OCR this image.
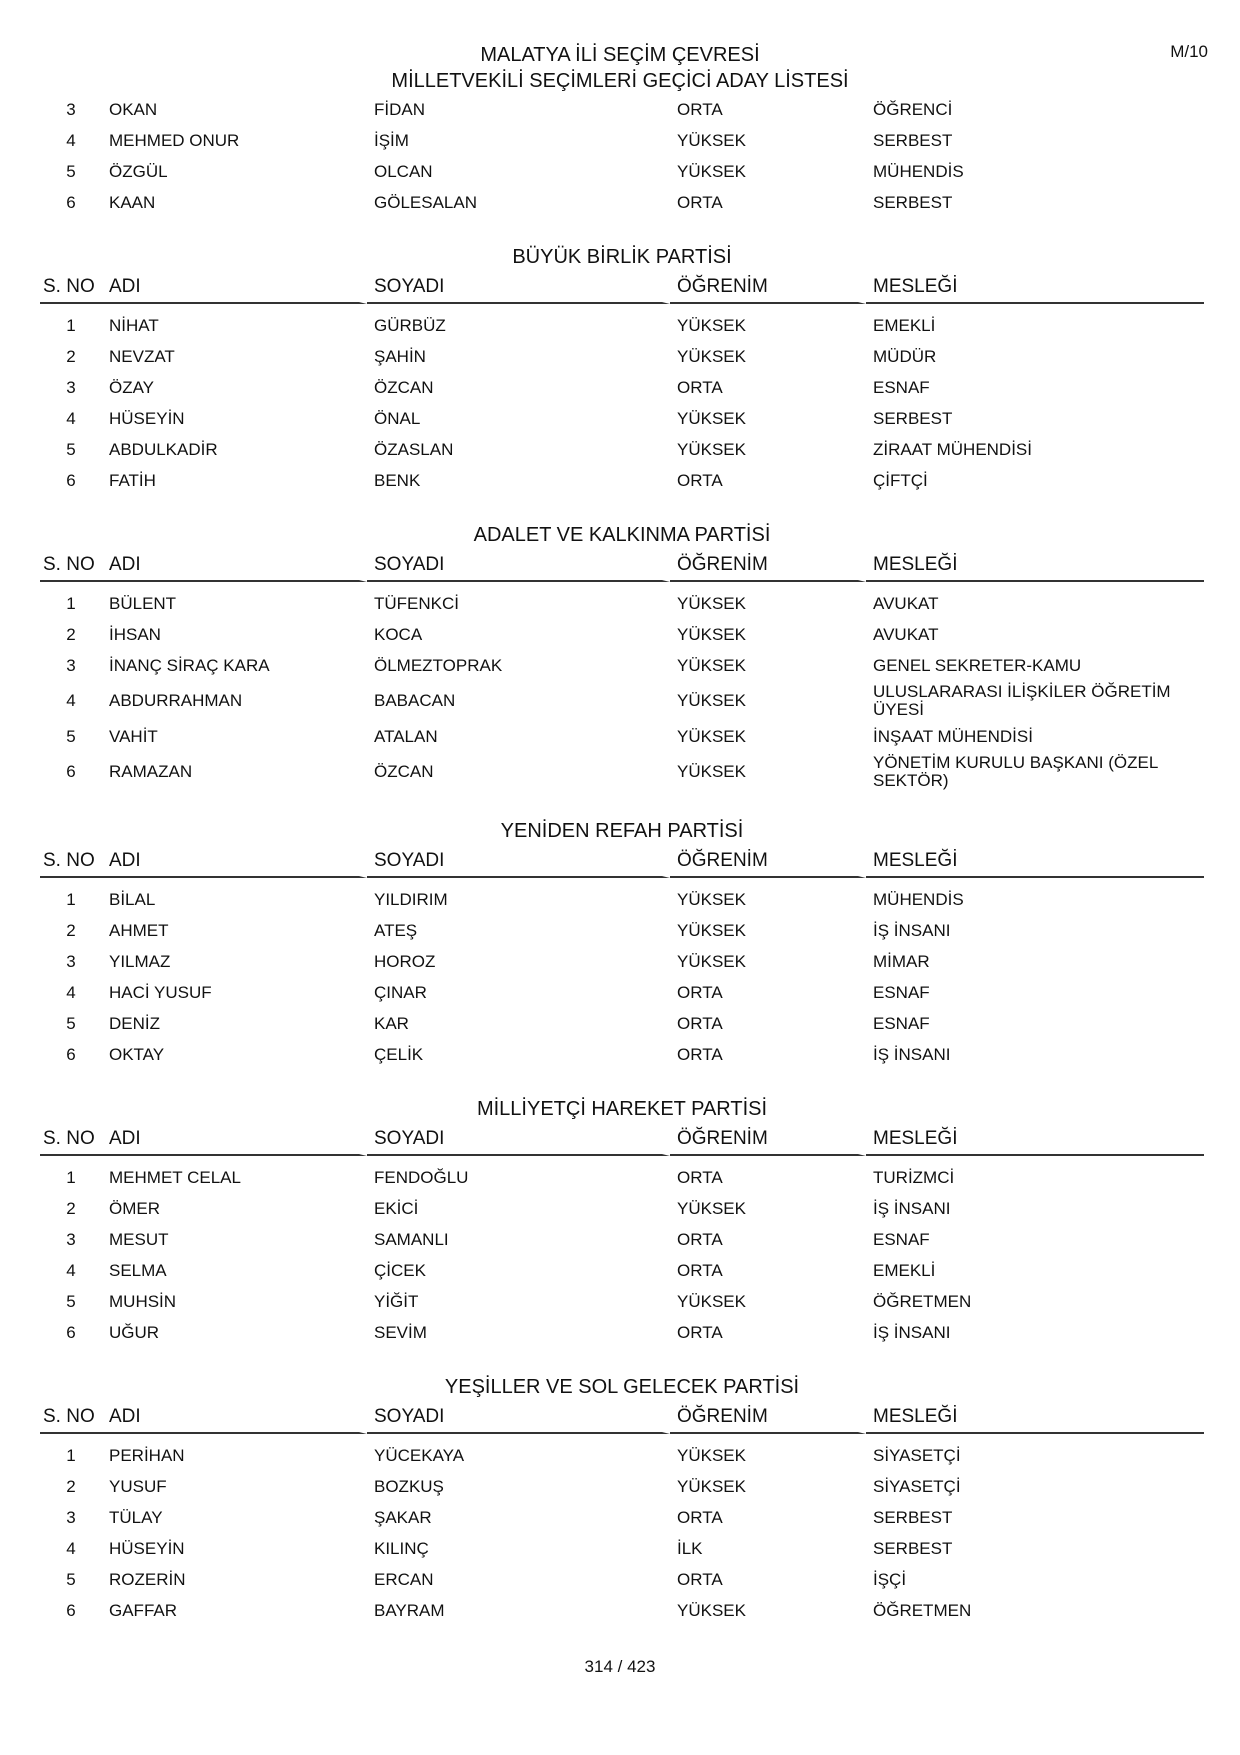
M/10
MALATYA İLİ SEÇİM ÇEVRESİ
MİLLETVEKİLİ SEÇİMLERİ GEÇİCİ ADAY LİSTESİ
3	OKAN	FİDAN	ORTA	ÖĞRENCİ

4	MEHMED ONUR	İŞİM	YÜKSEK	SERBEST

5	ÖZGÜL	OLCAN	YÜKSEK	MÜHENDİS

6	KAAN	GÖLESALAN	ORTA	SERBEST
BÜYÜK BİRLİK PARTİSİ
S. NO	ADI	SOYADI	ÖĞRENİM	MESLEĞİ

1	NİHAT	GÜRBÜZ	YÜKSEK	EMEKLİ

2	NEVZAT	ŞAHİN	YÜKSEK	MÜDÜR

3	ÖZAY	ÖZCAN	ORTA	ESNAF

4	HÜSEYİN	ÖNAL	YÜKSEK	SERBEST

5	ABDULKADİR	ÖZASLAN	YÜKSEK	ZİRAAT MÜHENDİSİ

6	FATİH	BENK	ORTA	ÇİFTÇİ
ADALET VE KALKINMA PARTİSİ
S. NO	ADI	SOYADI	ÖĞRENİM	MESLEĞİ

1	BÜLENT	TÜFENKCİ	YÜKSEK	AVUKAT

2	İHSAN	KOCA	YÜKSEK	AVUKAT

3	İNANÇ SİRAÇ KARA	ÖLMEZTOPRAK	YÜKSEK	GENEL SEKRETER-KAMU

4	ABDURRAHMAN	BABACAN	YÜKSEK	ULUSLARARASI İLİŞKİLER ÖĞRETİM ÜYESİ

5	VAHİT	ATALAN	YÜKSEK	İNŞAAT MÜHENDİSİ

6	RAMAZAN	ÖZCAN	YÜKSEK	YÖNETİM KURULU BAŞKANI (ÖZEL SEKTÖR)
YENİDEN REFAH PARTİSİ
S. NO	ADI	SOYADI	ÖĞRENİM	MESLEĞİ

1	BİLAL	YILDIRIM	YÜKSEK	MÜHENDİS

2	AHMET	ATEŞ	YÜKSEK	İŞ İNSANI

3	YILMAZ	HOROZ	YÜKSEK	MİMAR

4	HACİ YUSUF	ÇINAR	ORTA	ESNAF

5	DENİZ	KAR	ORTA	ESNAF

6	OKTAY	ÇELİK	ORTA	İŞ İNSANI
MİLLİYETÇİ HAREKET PARTİSİ
S. NO	ADI	SOYADI	ÖĞRENİM	MESLEĞİ

1	MEHMET CELAL	FENDOĞLU	ORTA	TURİZMCİ

2	ÖMER	EKİCİ	YÜKSEK	İŞ İNSANI

3	MESUT	SAMANLI	ORTA	ESNAF

4	SELMA	ÇİCEK	ORTA	EMEKLİ

5	MUHSİN	YİĞİT	YÜKSEK	ÖĞRETMEN

6	UĞUR	SEVİM	ORTA	İŞ İNSANI
YEŞİLLER VE SOL GELECEK PARTİSİ
S. NO	ADI	SOYADI	ÖĞRENİM	MESLEĞİ

1	PERİHAN	YÜCEKAYA	YÜKSEK	SİYASETÇİ

2	YUSUF	BOZKUŞ	YÜKSEK	SİYASETÇİ

3	TÜLAY	ŞAKAR	ORTA	SERBEST

4	HÜSEYİN	KILINÇ	İLK	SERBEST

5	ROZERİN	ERCAN	ORTA	İŞÇİ

6	GAFFAR	BAYRAM	YÜKSEK	ÖĞRETMEN
314 / 423
